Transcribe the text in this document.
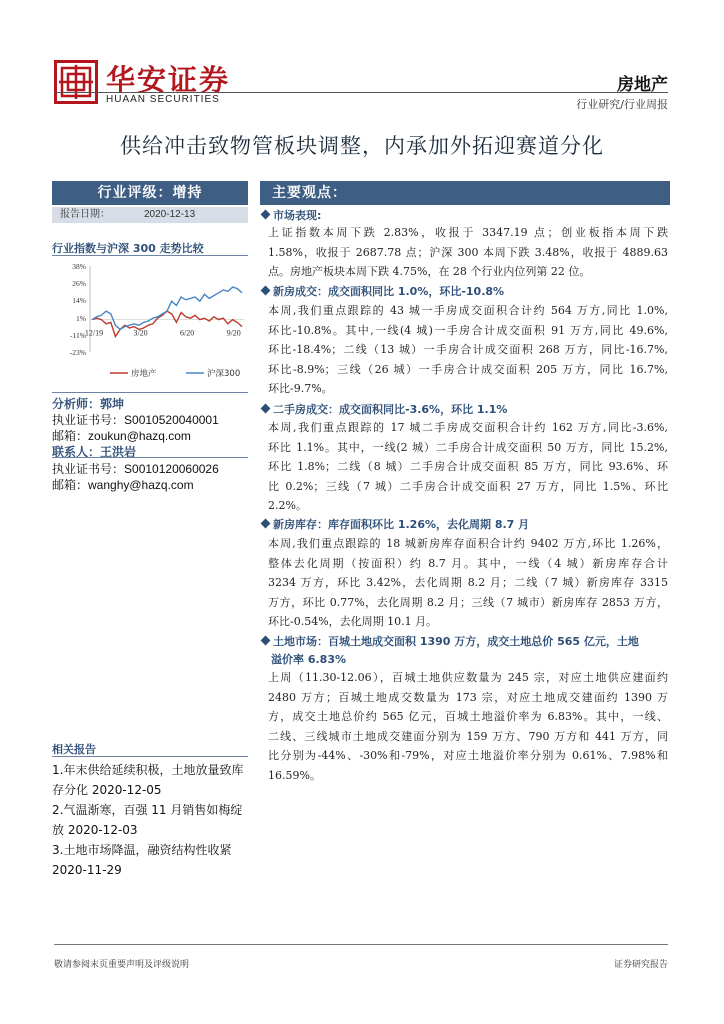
华安证券
HUAAN SECURITIES
房地产
行业研究/行业周报
供给冲击致物管板块调整，内承加外拓迎赛道分化
行业评级：增持
报告日期：	2020-12-13
行业指数与沪深 300 走势比较
38%
26%
14%
1%
-11%
-23%
12/19	3/20	6/20	9/20
房地产	沪深300
分析师：郭坤
执业证书号：S0010520040001
邮箱：zoukun@hazq.com
联系人：王洪岩
执业证书号：S0010120060026
邮箱：wanghy@hazq.com
相关报告
1.年末供给延续积极，土地放量致库
存分化 2020-12-05
2.气温渐寒，百强 11 月销售如梅绽
放 2020-12-03
3.土地市场降温，融资结构性收紧
2020-11-29
主要观点：
市场表现:
上证指数本周下跌 2.83%，收报于 3347.19 点；创业板指本周下跌
1.58%，收报于 2687.78 点；沪深 300 本周下跌 3.48%，收报于 4889.63
点。房地产板块本周下跌 4.75%，在 28 个行业内位列第 22 位。
新房成交：成交面积同比 1.0%，环比-10.8%
本周,我们重点跟踪的 43 城一手房成交面积合计约 564 万方,同比 1.0%,
环比-10.8%。其中,一线(4 城)一手房合计成交面积 91 万方,同比 49.6%,
环比-18.4%；二线（13 城）一手房合计成交面积 268 万方，同比-16.7%,
环比-8.9%；三线（26 城）一手房合计成交面积 205 万方，同比 16.7%,
环比-9.7%。
二手房成交：成交面积同比-3.6%，环比 1.1%
本周,我们重点跟踪的 17 城二手房成交面积合计约 162 万方,同比-3.6%,
环比 1.1%。其中，一线(2 城）二手房合计成交面积 50 万方，同比 15.2%,
环比 1.8%；二线（8 城）二手房合计成交面积 85 万方，同比 93.6%、环
比 0.2%；三线（7 城）二手房合计成交面积 27 万方，同比 1.5%、环比
2.2%。
新房库存：库存面积环比 1.26%，去化周期 8.7 月
本周,我们重点跟踪的 18 城新房库存面积合计约 9402 万方,环比 1.26%，
整体去化周期（按面积）约 8.7 月。其中，一线（4 城）新房库存合计
3234 万方，环比 3.42%，去化周期 8.2 月；二线（7 城）新房库存 3315
万方，环比 0.77%，去化周期 8.2 月；三线（7 城市）新房库存 2853 万方，
环比-0.54%，去化周期 10.1 月。
土地市场：百城土地成交面积 1390 万方，成交土地总价 565 亿元，土地
溢价率 6.83%
上周（11.30-12.06），百城土地供应数量为 245 宗，对应土地供应建面约
2480 万方；百城土地成交数量为 173 宗，对应土地成交建面约 1390 万
方，成交土地总价约 565 亿元，百城土地溢价率为 6.83%。其中，一线、
二线、三线城市土地成交建面分别为 159 万方、790 万方和 441 万方，同
比分别为-44%、-30%和-79%，对应土地溢价率分别为 0.61%、7.98%和
16.59%。
敬请参阅末页重要声明及评级说明	证券研究报告
